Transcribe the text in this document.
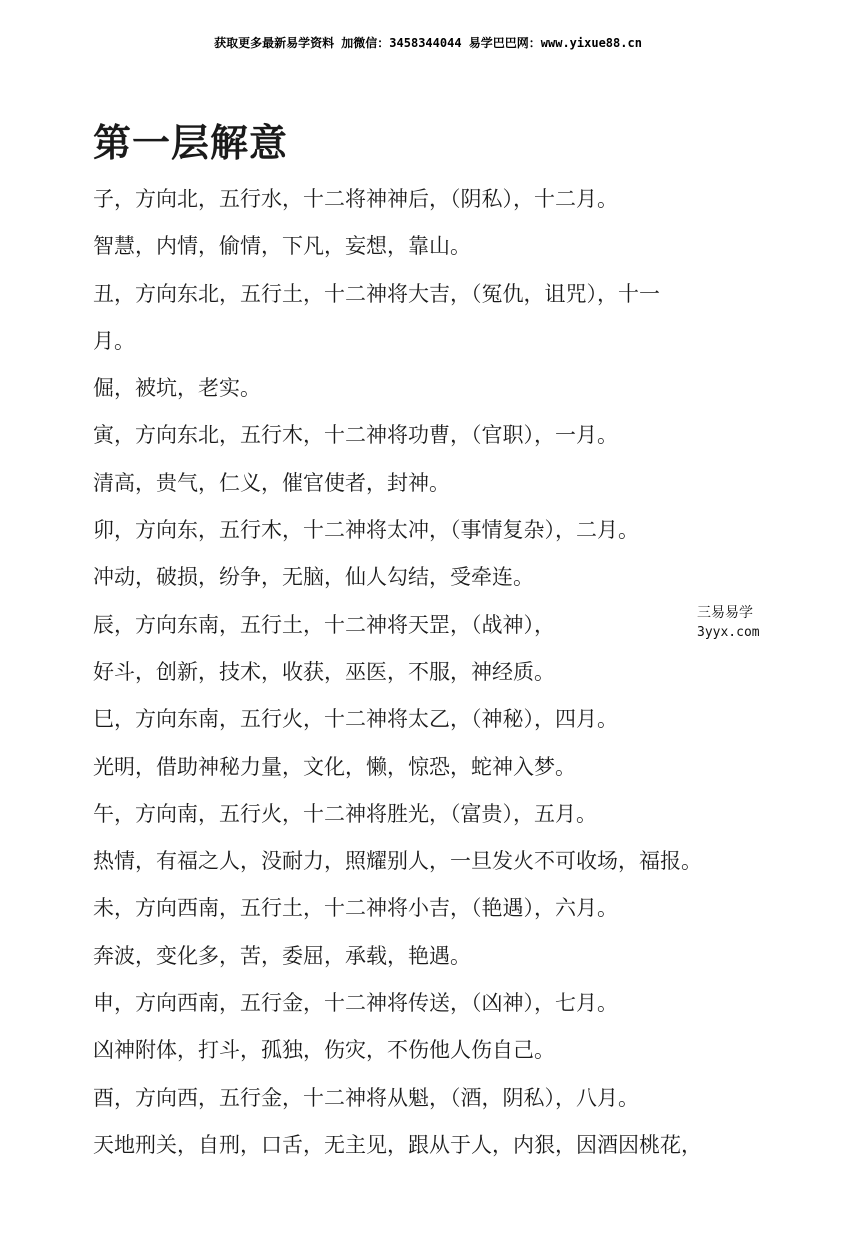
获取更多最新易学资料 加微信：3458344044 易学巴巴网：www.yixue88.cn
第一层解意
子，方向北，五行水，十二将神神后，（阴私），十二月。
智慧，内情，偷情，下凡，妄想，靠山。
丑，方向东北，五行土，十二神将大吉，（冤仇，诅咒），十一
月。
倔，被坑，老实。
寅，方向东北，五行木，十二神将功曹，（官职），一月。
清高，贵气，仁义，催官使者，封神。
卯，方向东，五行木，十二神将太冲，（事情复杂），二月。
冲动，破损，纷争，无脑，仙人勾结，受牵连。
辰，方向东南，五行土，十二神将天罡，（战神），
好斗，创新，技术，收获，巫医，不服，神经质。
巳，方向东南，五行火，十二神将太乙，（神秘），四月。
光明，借助神秘力量，文化，懒，惊恐，蛇神入梦。
午，方向南，五行火，十二神将胜光，（富贵），五月。
热情，有福之人，没耐力，照耀别人，一旦发火不可收场，福报。
未，方向西南，五行土，十二神将小吉，（艳遇），六月。
奔波，变化多，苦，委屈，承载，艳遇。
申，方向西南，五行金，十二神将传送，（凶神），七月。
凶神附体，打斗，孤独，伤灾，不伤他人伤自己。
酉，方向西，五行金，十二神将从魁，（酒，阴私），八月。
天地刑关，自刑，口舌，无主见，跟从于人，内狠，因酒因桃花，
三易易学
3yyx.com
